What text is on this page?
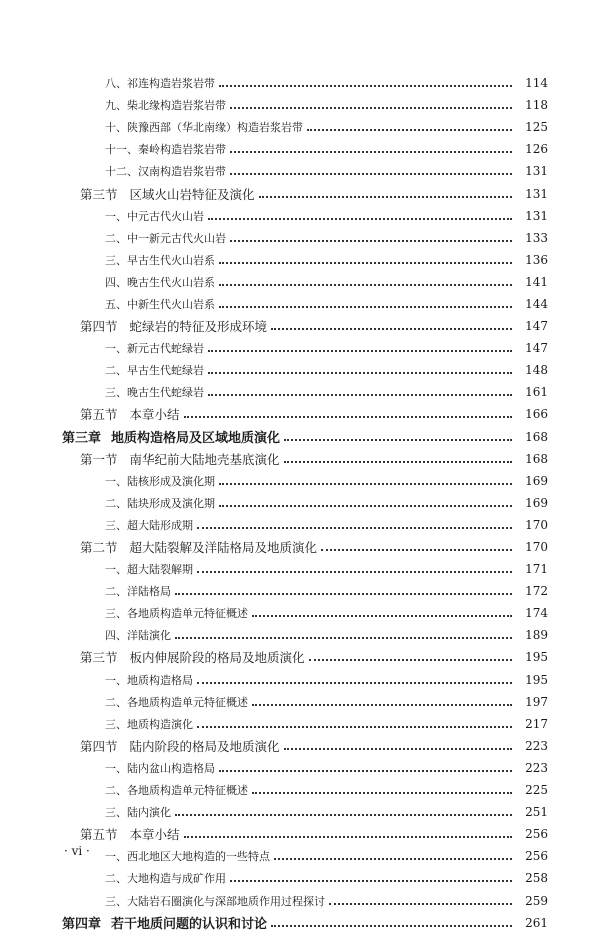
八、祁连构造岩浆岩带	114
九、柴北缘构造岩浆岩带	118
十、陕豫西部（华北南缘）构造岩浆岩带	125
十一、秦岭构造岩浆岩带	126
十二、汉南构造岩浆岩带	131
第三节 区域火山岩特征及演化	131
一、中元古代火山岩	131
二、中一新元古代火山岩	133
三、早古生代火山岩系	136
四、晚古生代火山岩系	141
五、中新生代火山岩系	144
第四节 蛇绿岩的特征及形成环境	147
一、新元古代蛇绿岩	147
二、早古生代蛇绿岩	148
三、晚古生代蛇绿岩	161
第五节 本章小结	166
第三章 地质构造格局及区域地质演化	168
第一节 南华纪前大陆地壳基底演化	168
一、陆核形成及演化期	169
二、陆块形成及演化期	169
三、超大陆形成期	170
第二节 超大陆裂解及洋陆格局及地质演化	170
一、超大陆裂解期	171
二、洋陆格局	172
三、各地质构造单元特征概述	174
四、洋陆演化	189
第三节 板内伸展阶段的格局及地质演化	195
一、地质构造格局	195
二、各地质构造单元特征概述	197
三、地质构造演化	217
第四节 陆内阶段的格局及地质演化	223
一、陆内盆山构造格局	223
二、各地质构造单元特征概述	225
三、陆内演化	251
第五节 本章小结	256
一、西北地区大地构造的一些特点	256
二、大地构造与成矿作用	258
三、大陆岩石圈演化与深部地质作用过程探讨	259
第四章 若干地质问题的认识和讨论	261
· vi ·
